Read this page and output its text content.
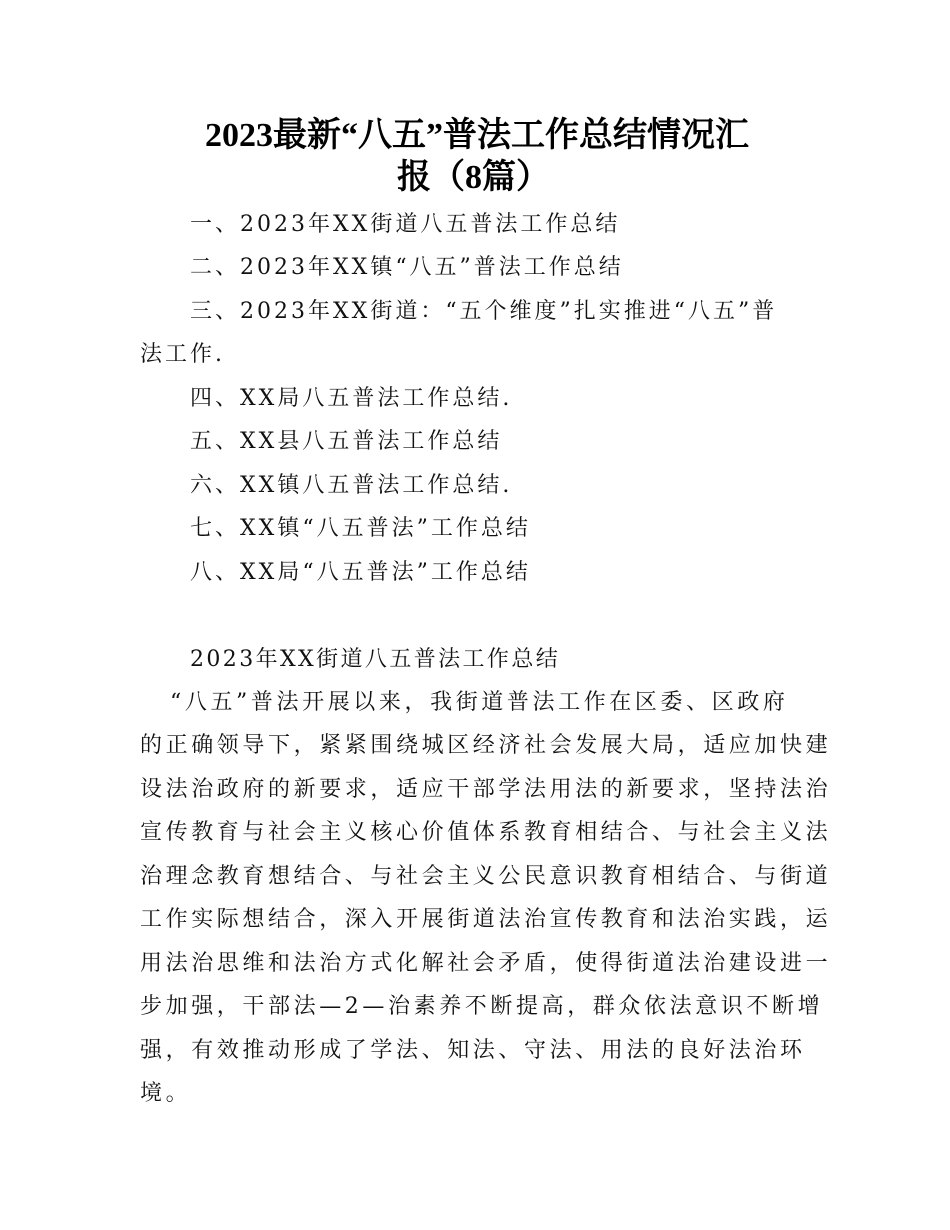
2023最新“八五”普法工作总结情况汇
报（8篇）
一、2023年XX街道八五普法工作总结
二、2023年XX镇“八五”普法工作总结
三、2023年XX街道：“五个维度”扎实推进“八五”普
法工作.
四、XX局八五普法工作总结.
五、XX县八五普法工作总结
六、XX镇八五普法工作总结.
七、XX镇“八五普法”工作总结
八、XX局“八五普法”工作总结
2023年XX街道八五普法工作总结
“八五”普法开展以来，我街道普法工作在区委、区政府
的正确领导下，紧紧围绕城区经济社会发展大局，适应加快建
设法治政府的新要求，适应干部学法用法的新要求，坚持法治
宣传教育与社会主义核心价值体系教育相结合、与社会主义法
治理念教育想结合、与社会主义公民意识教育相结合、与街道
工作实际想结合，深入开展街道法治宣传教育和法治实践，运
用法治思维和法治方式化解社会矛盾，使得街道法治建设进一
步加强，干部法—2—治素养不断提高，群众依法意识不断增
强，有效推动形成了学法、知法、守法、用法的良好法治环
境。
